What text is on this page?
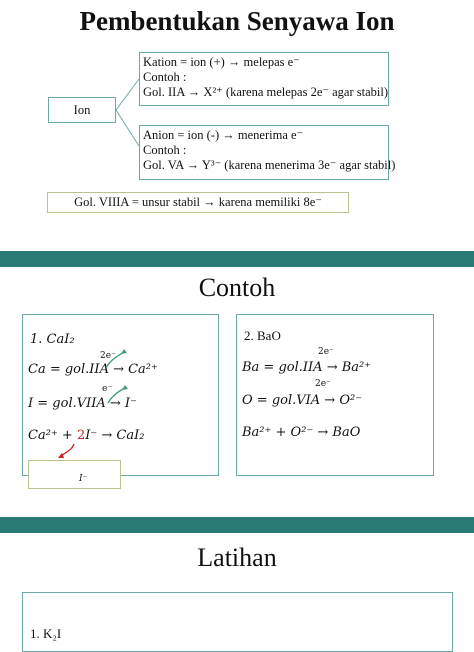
Pembentukan Senyawa Ion
Ion
Kation = ion (+) → melepas e⁻
Contoh :
Gol. IIA → X²⁺ (karena melepas 2e⁻ agar stabil)
Anion = ion (-) → menerima e⁻
Contoh :
Gol. VA → Y³⁻ (karena menerima 3e⁻ agar stabil)
Gol. VIIIA = unsur stabil → karena memiliki 8e⁻
Contoh
1. CaI₂
2e⁻
Ca = gol.IIA → Ca²⁺
e⁻
I = gol.VIIA → I⁻
Ca²⁺ + 2I⁻ → CaI₂
I⁻
2. BaO
2e⁻
Ba = gol.IIA → Ba²⁺
2e⁻
O = gol.VIA → O²⁻
Ba²⁺ + O²⁻ → BaO
Latihan
1. K₂I
